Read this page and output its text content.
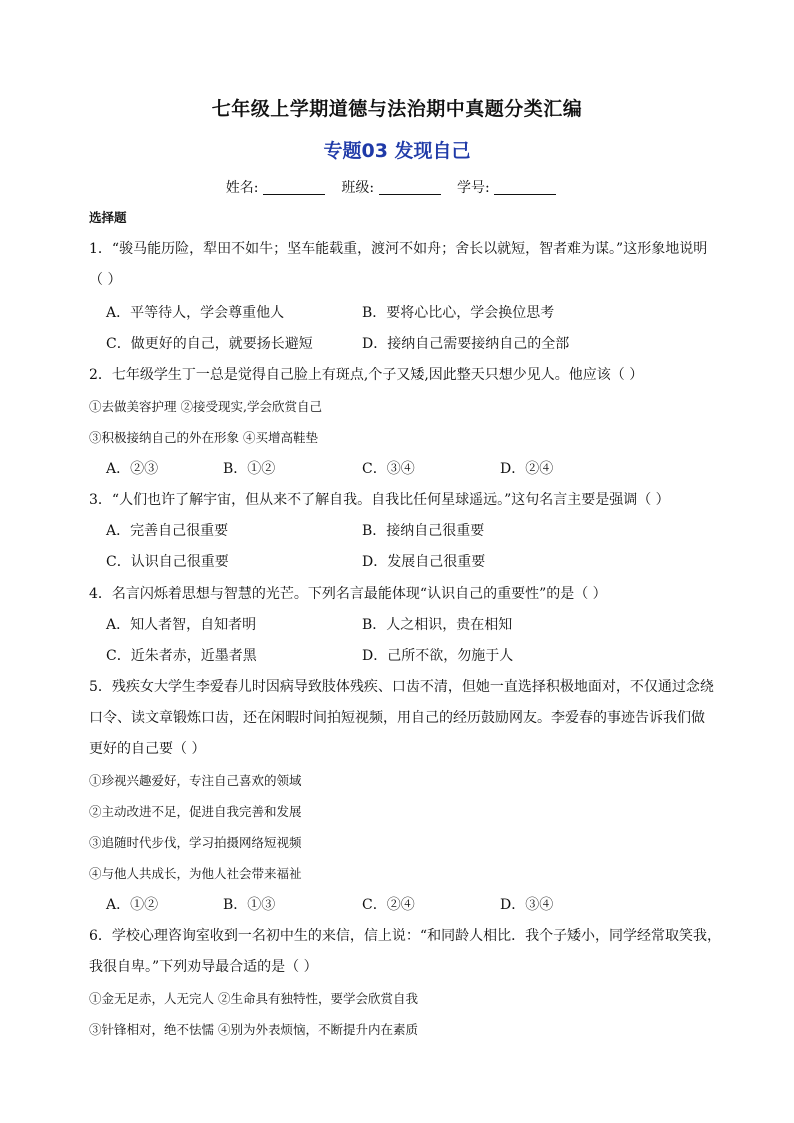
七年级上学期道德与法治期中真题分类汇编
专题03 发现自己
姓名:	班级:	学号:
选择题
1．“骏马能历险，犁田不如牛；坚车能载重，渡河不如舟；舍长以就短，智者难为谋。”这形象地说明
（ ）
A．平等待人，学会尊重他人	B．要将心比心，学会换位思考
C．做更好的自己，就要扬长避短	D．接纳自己需要接纳自己的全部
2．七年级学生丁一总是觉得自己脸上有斑点,个子又矮,因此整天只想少见人。他应该（ ）
①去做美容护理 ②接受现实,学会欣赏自己
③积极接纳自己的外在形象 ④买增高鞋垫
A．②③	B．①②	C．③④	D．②④
3．“人们也许了解宇宙，但从来不了解自我。自我比任何星球遥远。”这句名言主要是强调（ ）
A．完善自己很重要	B．接纳自己很重要
C．认识自己很重要	D．发展自己很重要
4．名言闪烁着思想与智慧的光芒。下列名言最能体现“认识自己的重要性”的是（ ）
A．知人者智，自知者明	B．人之相识，贵在相知
C．近朱者赤，近墨者黑	D．己所不欲，勿施于人
5．残疾女大学生李爱春儿时因病导致肢体残疾、口齿不清，但她一直选择积极地面对，不仅通过念绕
口令、读文章锻炼口齿，还在闲暇时间拍短视频，用自己的经历鼓励网友。李爱春的事迹告诉我们做
更好的自己要（ ）
①珍视兴趣爱好，专注自己喜欢的领域
②主动改进不足，促进自我完善和发展
③追随时代步伐，学习拍摄网络短视频
④与他人共成长，为他人社会带来福祉
A．①②	B．①③	C．②④	D．③④
6．学校心理咨询室收到一名初中生的来信，信上说：“和同龄人相比．我个子矮小，同学经常取笑我，
我很自卑。”下列劝导最合适的是（ ）
①金无足赤，人无完人 ②生命具有独特性，要学会欣赏自我
③针锋相对，绝不怯懦 ④别为外表烦恼，不断提升内在素质
